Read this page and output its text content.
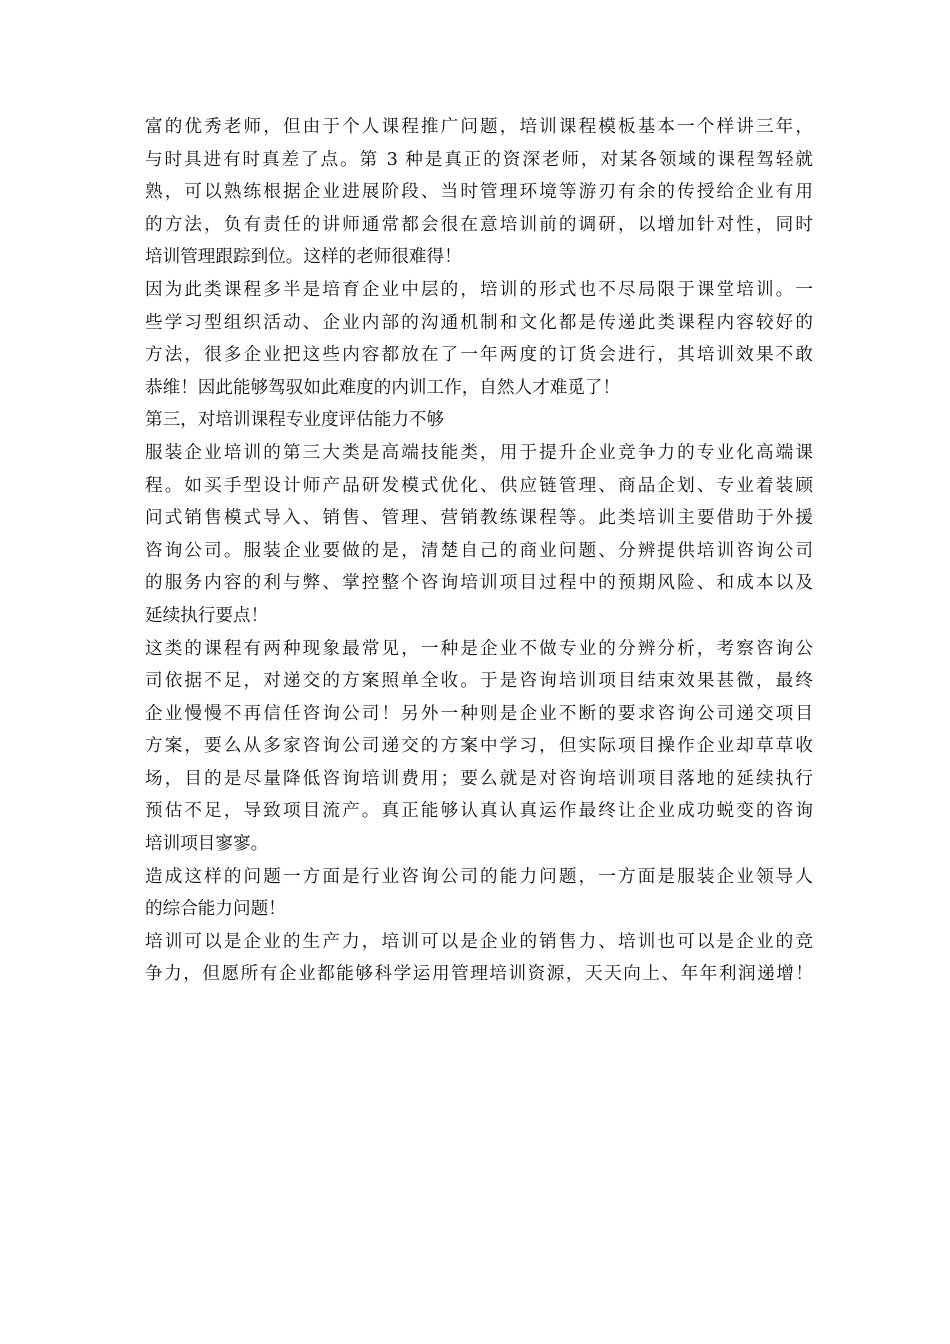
富的优秀老师，但由于个人课程推广问题，培训课程模板基本一个样讲三年，
与时具进有时真差了点。第 3 种是真正的资深老师，对某各领域的课程驾轻就
熟，可以熟练根据企业进展阶段、当时管理环境等游刃有余的传授给企业有用
的方法，负有责任的讲师通常都会很在意培训前的调研，以增加针对性，同时
培训管理跟踪到位。这样的老师很难得！
因为此类课程多半是培育企业中层的，培训的形式也不尽局限于课堂培训。一
些学习型组织活动、企业内部的沟通机制和文化都是传递此类课程内容较好的
方法，很多企业把这些内容都放在了一年两度的订货会进行，其培训效果不敢
恭维！因此能够驾驭如此难度的内训工作，自然人才难觅了！
第三，对培训课程专业度评估能力不够
服装企业培训的第三大类是高端技能类，用于提升企业竞争力的专业化高端课
程。如买手型设计师产品研发模式优化、供应链管理、商品企划、专业着装顾
问式销售模式导入、销售、管理、营销教练课程等。此类培训主要借助于外援
咨询公司。服装企业要做的是，清楚自己的商业问题、分辨提供培训咨询公司
的服务内容的利与弊、掌控整个咨询培训项目过程中的预期风险、和成本以及
延续执行要点！
这类的课程有两种现象最常见，一种是企业不做专业的分辨分析，考察咨询公
司依据不足，对递交的方案照单全收。于是咨询培训项目结束效果甚微，最终
企业慢慢不再信任咨询公司！另外一种则是企业不断的要求咨询公司递交项目
方案，要么从多家咨询公司递交的方案中学习，但实际项目操作企业却草草收
场，目的是尽量降低咨询培训费用；要么就是对咨询培训项目落地的延续执行
预估不足，导致项目流产。真正能够认真认真运作最终让企业成功蜕变的咨询
培训项目寥寥。
造成这样的问题一方面是行业咨询公司的能力问题，一方面是服装企业领导人
的综合能力问题！
培训可以是企业的生产力，培训可以是企业的销售力、培训也可以是企业的竞
争力，但愿所有企业都能够科学运用管理培训资源，天天向上、年年利润递增！
